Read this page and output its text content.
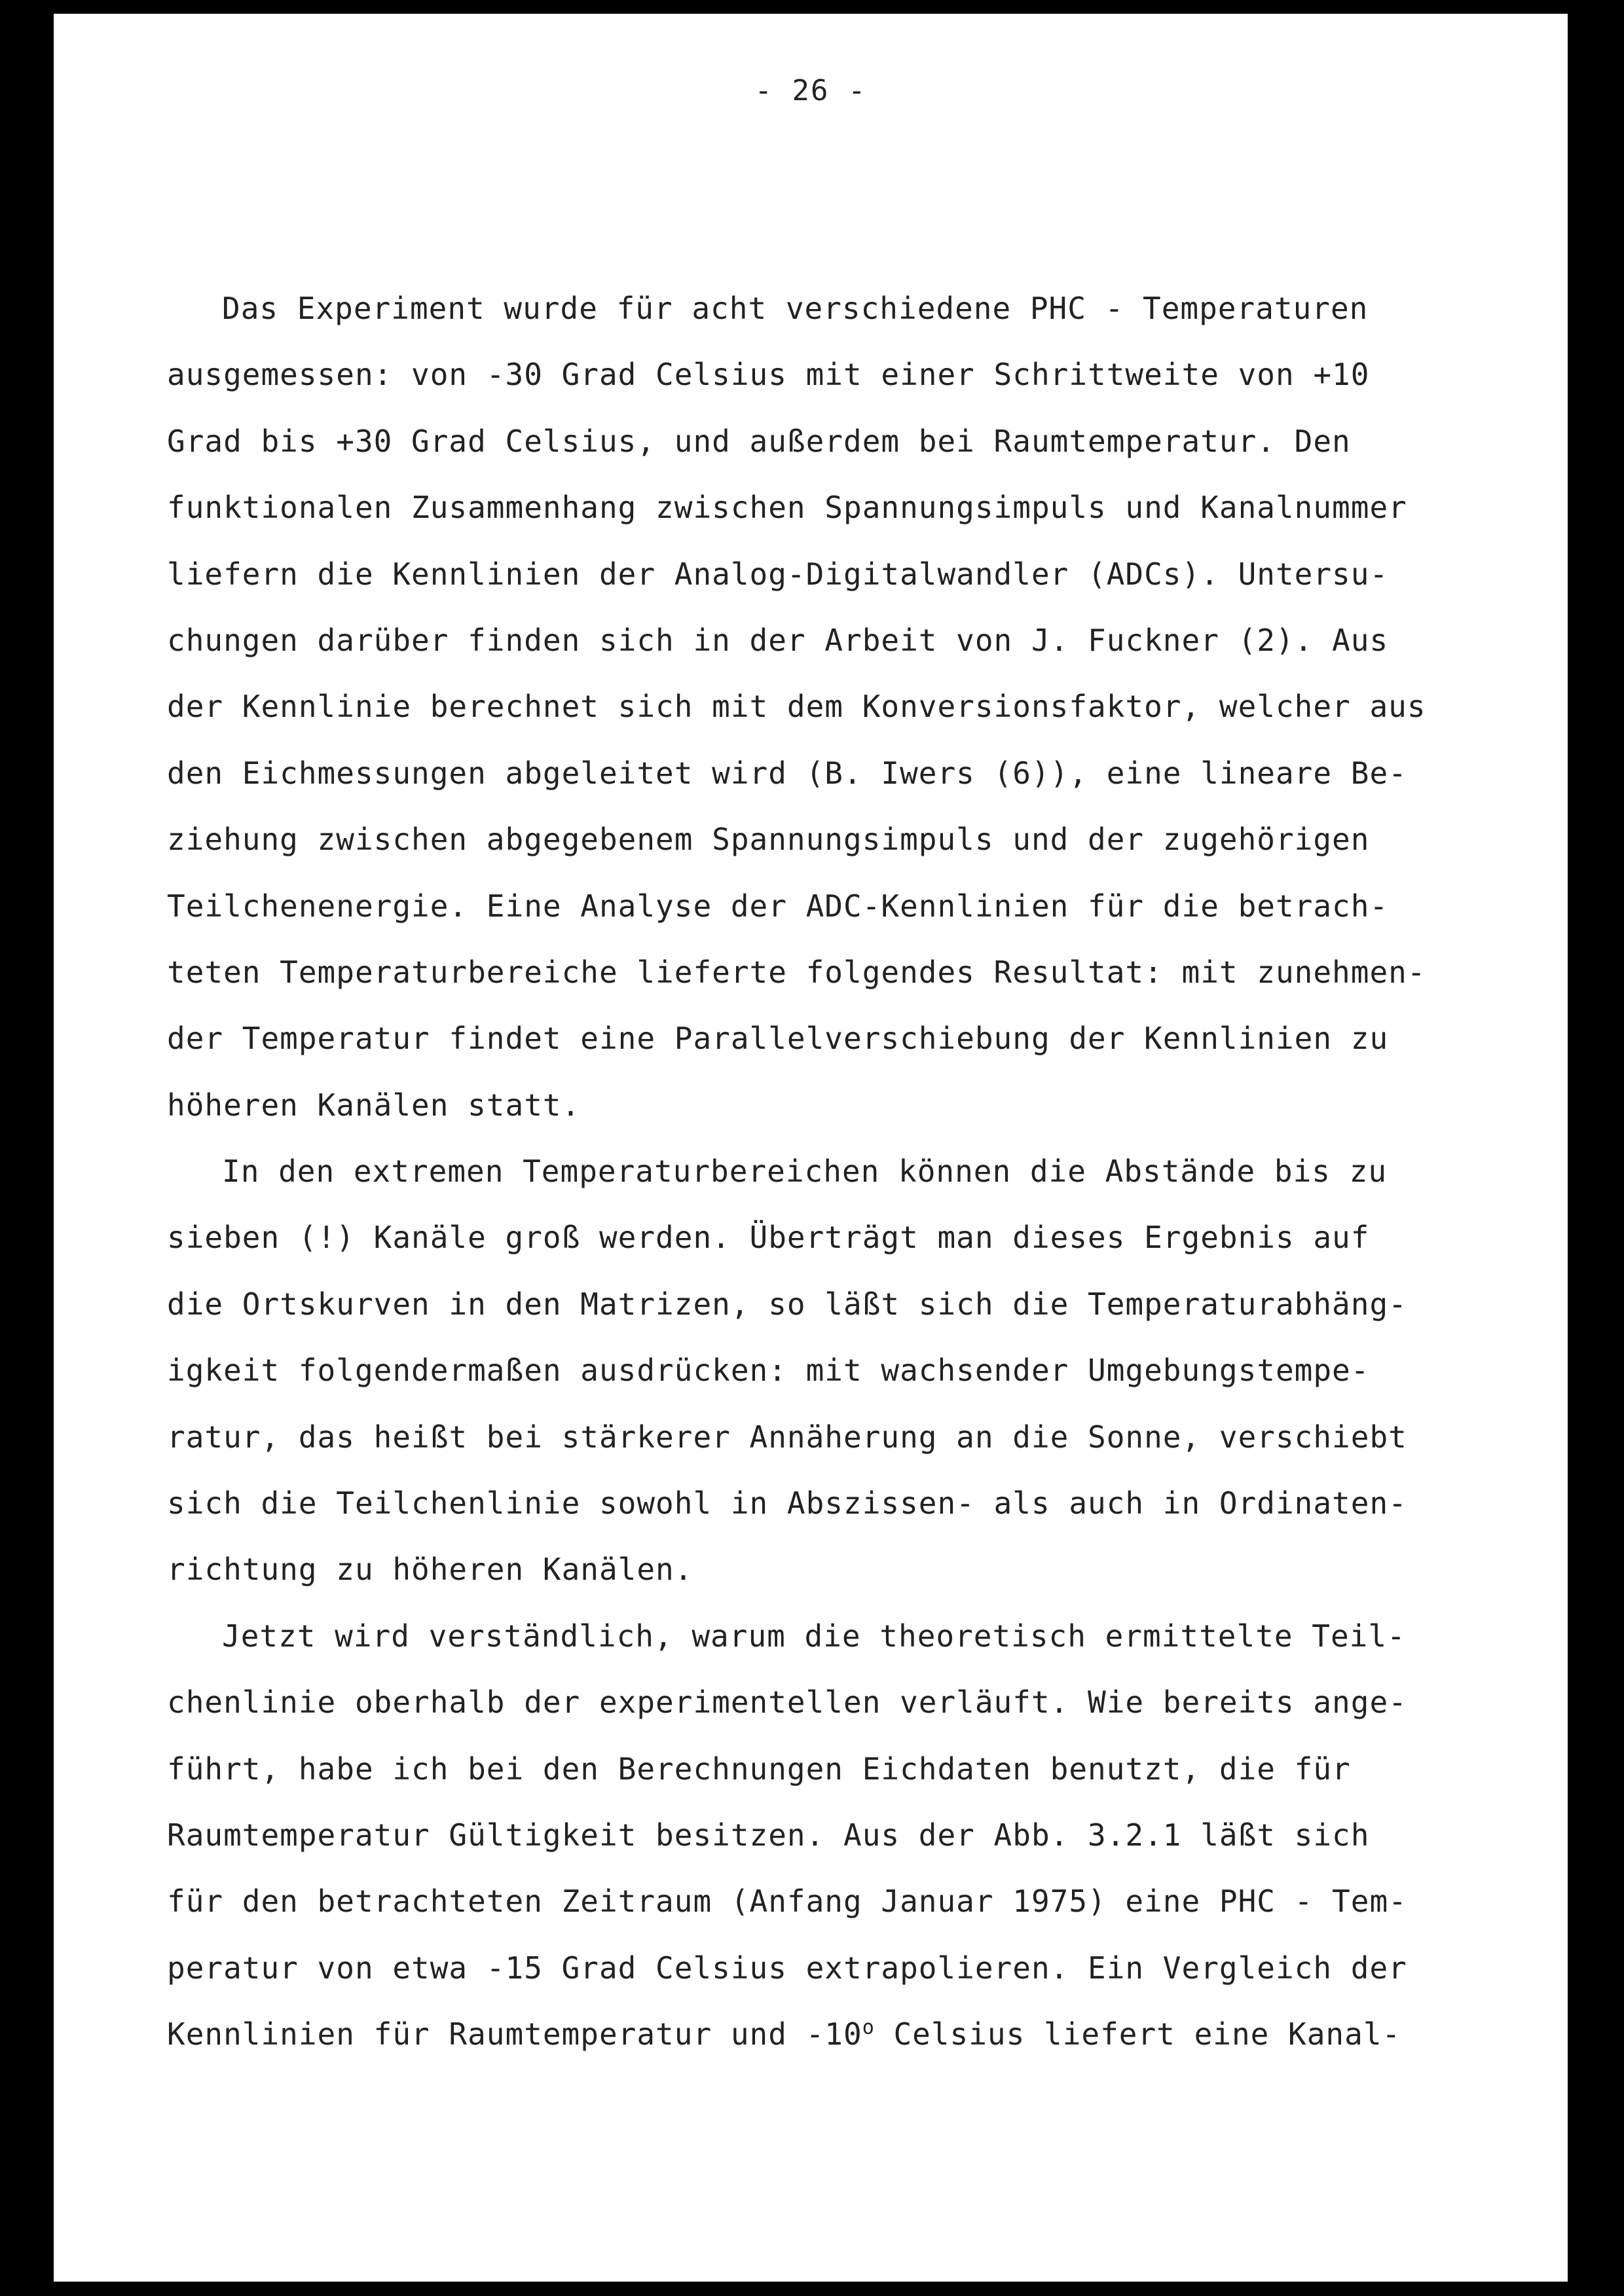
- 26 -
Das Experiment wurde für acht verschiedene PHC - Temperaturen
ausgemessen: von -30 Grad Celsius mit einer Schrittweite von +10
Grad bis +30 Grad Celsius, und außerdem bei Raumtemperatur. Den
funktionalen Zusammenhang zwischen Spannungsimpuls und Kanalnummer
liefern die Kennlinien der Analog-Digitalwandler (ADCs). Untersu-
chungen darüber finden sich in der Arbeit von J. Fuckner (2). Aus
der Kennlinie berechnet sich mit dem Konversionsfaktor, welcher aus
den Eichmessungen abgeleitet wird (B. Iwers (6)), eine lineare Be-
ziehung zwischen abgegebenem Spannungsimpuls und der zugehörigen
Teilchenenergie. Eine Analyse der ADC-Kennlinien für die betrach-
teten Temperaturbereiche lieferte folgendes Resultat: mit zunehmen-
der Temperatur findet eine Parallelverschiebung der Kennlinien zu
höheren Kanälen statt.
In den extremen Temperaturbereichen können die Abstände bis zu
sieben (!) Kanäle groß werden. Überträgt man dieses Ergebnis auf
die Ortskurven in den Matrizen, so läßt sich die Temperaturabhäng-
igkeit folgendermaßen ausdrücken: mit wachsender Umgebungstempe-
ratur, das heißt bei stärkerer Annäherung an die Sonne, verschiebt
sich die Teilchenlinie sowohl in Abszissen- als auch in Ordinaten-
richtung zu höheren Kanälen.
Jetzt wird verständlich, warum die theoretisch ermittelte Teil-
chenlinie oberhalb der experimentellen verläuft. Wie bereits ange-
führt, habe ich bei den Berechnungen Eichdaten benutzt, die für
Raumtemperatur Gültigkeit besitzen. Aus der Abb. 3.2.1 läßt sich
für den betrachteten Zeitraum (Anfang Januar 1975) eine PHC - Tem-
peratur von etwa -15 Grad Celsius extrapolieren. Ein Vergleich der
Kennlinien für Raumtemperatur und -10$^o$ Celsius liefert eine Kanal-
